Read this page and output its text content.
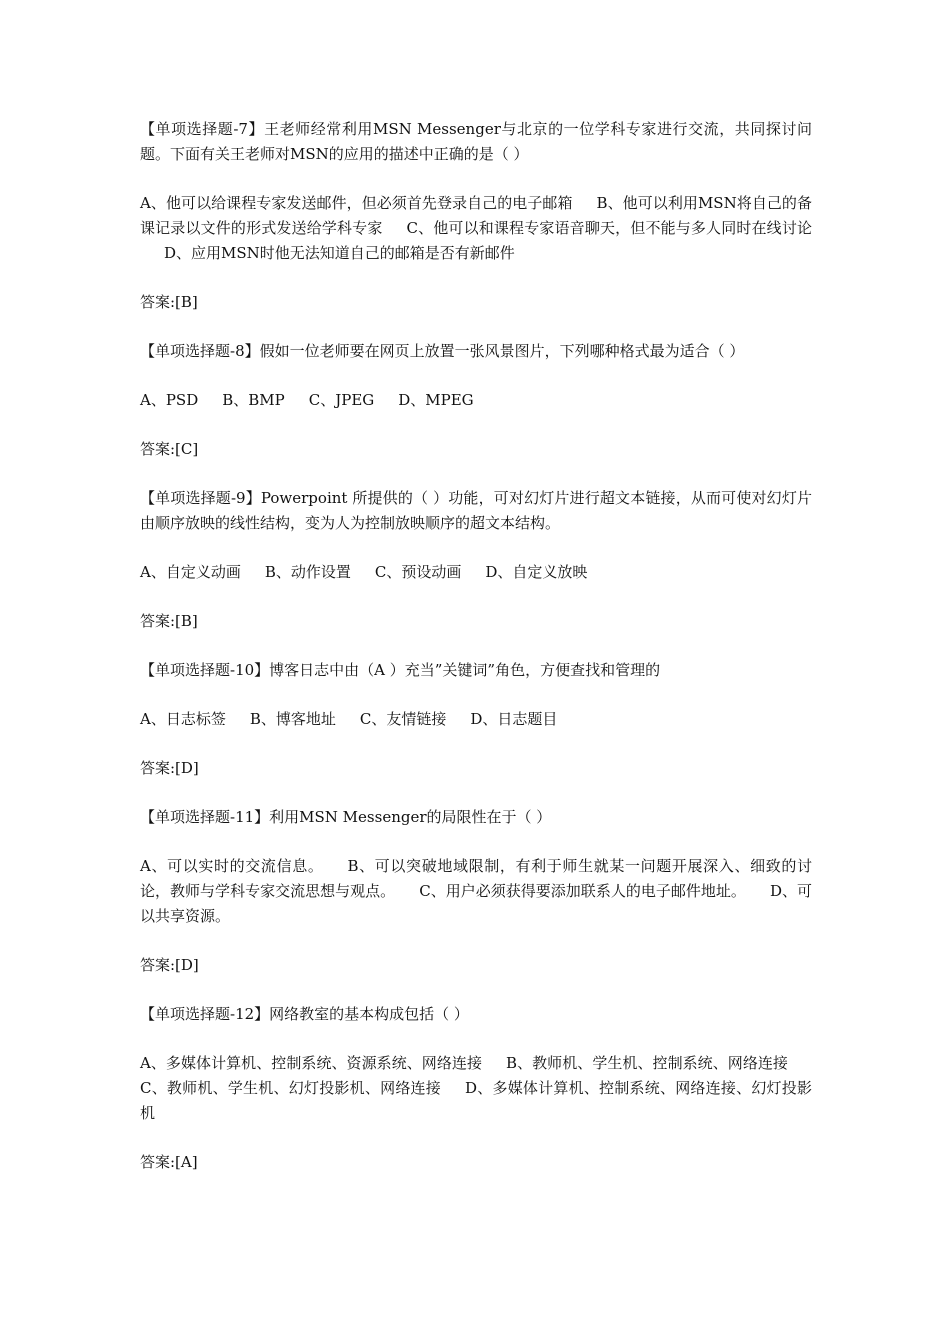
【单项选择题-7】王老师经常利用MSN Messenger与北京的一位学科专家进行交流，共同探讨问题。下面有关王老师对MSN的应用的描述中正确的是（ ）

A、他可以给课程专家发送邮件，但必须首先登录自己的电子邮箱 B、他可以利用MSN将自己的备课记录以文件的形式发送给学科专家 C、他可以和课程专家语音聊天，但不能与多人同时在线讨论D、应用MSN时他无法知道自己的邮箱是否有新邮件

答案:[B]

【单项选择题-8】假如一位老师要在网页上放置一张风景图片，下列哪种格式最为适合（ ）

A、PSD B、BMP C、JPEG D、MPEG

答案:[C]

【单项选择题-9】Powerpoint 所提供的（ ）功能，可对幻灯片进行超文本链接，从而可使对幻灯片由顺序放映的线性结构，变为人为控制放映顺序的超文本结构。

A、自定义动画 B、动作设置 C、预设动画 D、自定义放映

答案:[B]

【单项选择题-10】博客日志中由（A ）充当”关键词”角色，方便查找和管理的

A、日志标签 B、博客地址 C、友情链接 D、日志题目

答案:[D]

【单项选择题-11】利用MSN Messenger的局限性在于（ ）

A、可以实时的交流信息。 B、可以突破地域限制，有利于师生就某一问题开展深入、细致的讨论，教师与学科专家交流思想与观点。 C、用户必须获得要添加联系人的电子邮件地址。 D、可以共享资源。

答案:[D]

【单项选择题-12】网络教室的基本构成包括（ ）

A、多媒体计算机、控制系统、资源系统、网络连接 B、教师机、学生机、控制系统、网络连接C、教师机、学生机、幻灯投影机、网络连接 D、多媒体计算机、控制系统、网络连接、幻灯投影机

答案:[A]
